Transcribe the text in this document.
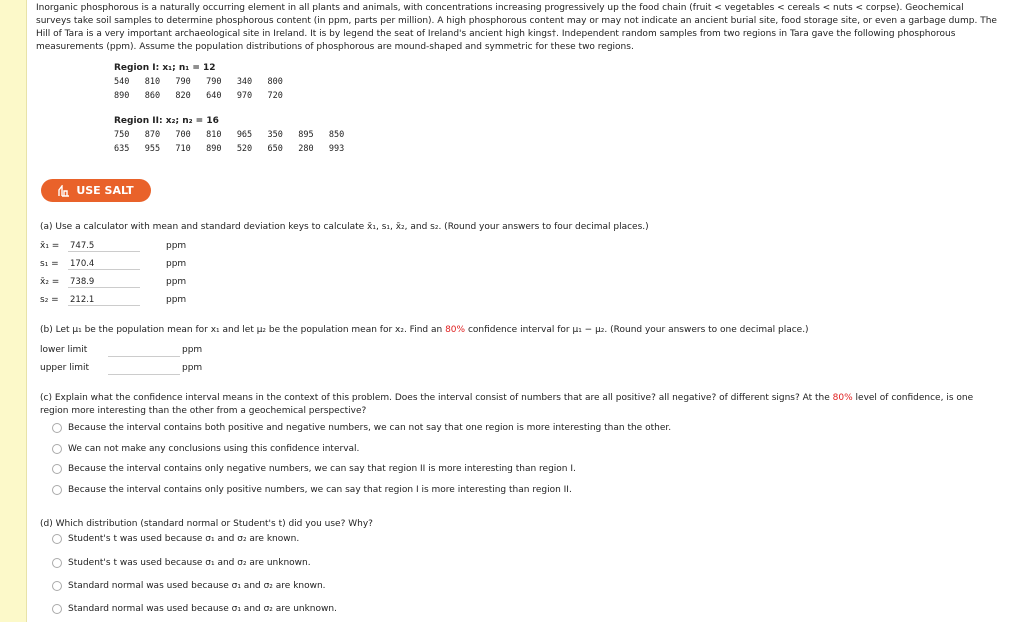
Inorganic phosphorous is a naturally occurring element in all plants and animals, with concentrations increasing progressively up the food chain (fruit < vegetables < cereals < nuts < corpse). Geochemical surveys take soil samples to determine phosphorous content (in ppm, parts per million). A high phosphorous content may or may not indicate an ancient burial site, food storage site, or even a garbage dump. The Hill of Tara is a very important archaeological site in Ireland. It is by legend the seat of Ireland's ancient high kings†. Independent random samples from two regions in Tara gave the following phosphorous measurements (ppm). Assume the population distributions of phosphorous are mound-shaped and symmetric for these two regions.

Region I: x₁; n₁ = 12
540   810   790   790   340   800
890   860   820   640   970   720
Region II: x₂; n₂ = 16
750   870   700   810   965   350   895   850
635   955   710   890   520   650   280   993
USE SALT
(a) Use a calculator with mean and standard deviation keys to calculate x̄₁, s₁, x̄₂, and s₂. (Round your answers to four decimal places.)
x̄₁ =	747.5	ppm
s₁ =	170.4	ppm
x̄₂ =	738.9	ppm
s₂ =	212.1	ppm
(b) Let μ₁ be the population mean for x₁ and let μ₂ be the population mean for x₂. Find an 80% confidence interval for μ₁ − μ₂. (Round your answers to one decimal place.)
lower limit	ppm
upper limit	ppm
(c) Explain what the confidence interval means in the context of this problem. Does the interval consist of numbers that are all positive? all negative? of different signs? At the 80% level of confidence, is one region more interesting than the other from a geochemical perspective?
Because the interval contains both positive and negative numbers, we can not say that one region is more interesting than the other.
We can not make any conclusions using this confidence interval.
Because the interval contains only negative numbers, we can say that region II is more interesting than region I.
Because the interval contains only positive numbers, we can say that region I is more interesting than region II.
(d) Which distribution (standard normal or Student's t) did you use? Why?
Student's t was used because σ₁ and σ₂ are known.
Student's t was used because σ₁ and σ₂ are unknown.
Standard normal was used because σ₁ and σ₂ are known.
Standard normal was used because σ₁ and σ₂ are unknown.
